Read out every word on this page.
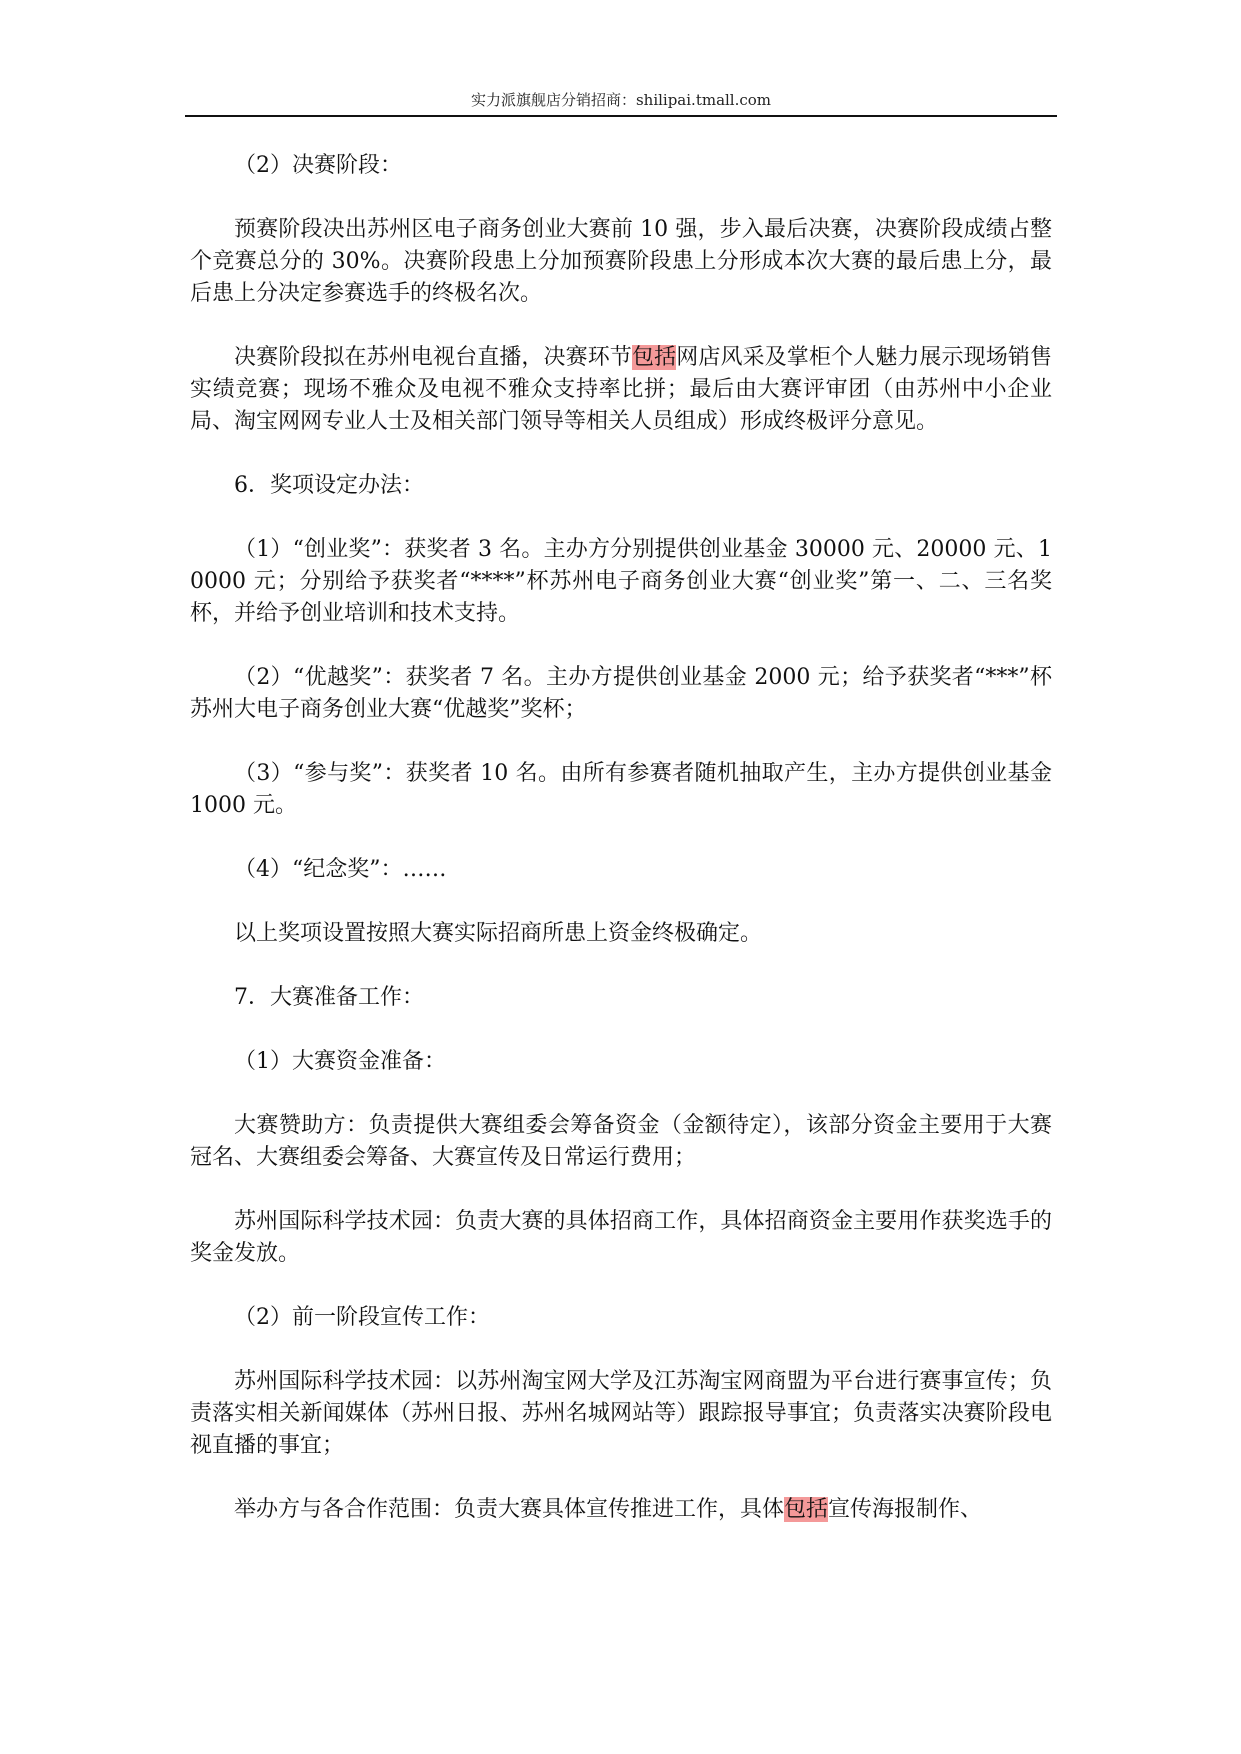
实力派旗舰店分销招商：shilipai.tmall.com

（2）决赛阶段：

预赛阶段决出苏州区电子商务创业大赛前 10 强，步入最后决赛，决赛阶段成绩占整个竞赛总分的 30%。决赛阶段患上分加预赛阶段患上分形成本次大赛的最后患上分，最后患上分决定参赛选手的终极名次。

决赛阶段拟在苏州电视台直播，决赛环节包括网店风采及掌柜个人魅力展示现场销售实绩竞赛；现场不雅众及电视不雅众支持率比拼；最后由大赛评审团（由苏州中小企业局、淘宝网网专业人士及相关部门领导等相关人员组成）形成终极评分意见。

6．奖项设定办法：

（1）“创业奖”：获奖者 3 名。主办方分别提供创业基金 30000 元、20000 元、10000 元；分别给予获奖者“****”杯苏州电子商务创业大赛“创业奖”第一、二、三名奖杯，并给予创业培训和技术支持。

（2）“优越奖”：获奖者 7 名。主办方提供创业基金 2000 元；给予获奖者“***”杯苏州大电子商务创业大赛“优越奖”奖杯；

（3）“参与奖”：获奖者 10 名。由所有参赛者随机抽取产生，主办方提供创业基金 1000 元。

（4）“纪念奖”：……

以上奖项设置按照大赛实际招商所患上资金终极确定。

7．大赛准备工作：

（1）大赛资金准备：

大赛赞助方：负责提供大赛组委会筹备资金（金额待定），该部分资金主要用于大赛冠名、大赛组委会筹备、大赛宣传及日常运行费用；

苏州国际科学技术园：负责大赛的具体招商工作，具体招商资金主要用作获奖选手的奖金发放。

（2）前一阶段宣传工作：

苏州国际科学技术园：以苏州淘宝网大学及江苏淘宝网商盟为平台进行赛事宣传；负责落实相关新闻媒体（苏州日报、苏州名城网站等）跟踪报导事宜；负责落实决赛阶段电视直播的事宜；

举办方与各合作范围：负责大赛具体宣传推进工作，具体包括宣传海报制作、
